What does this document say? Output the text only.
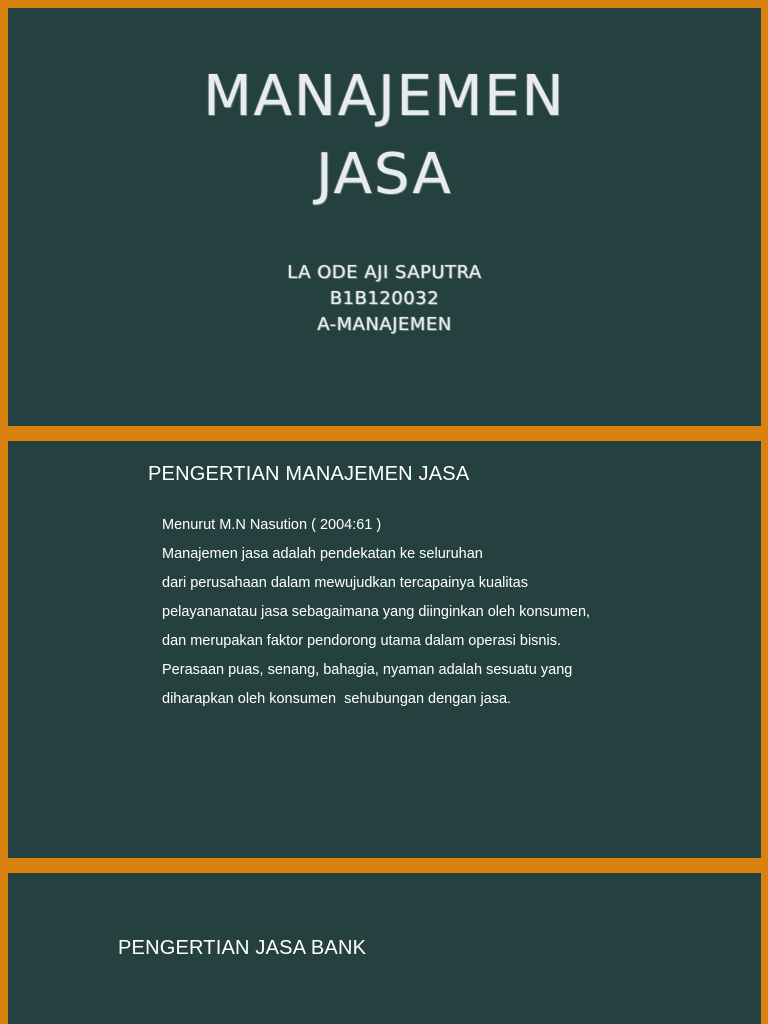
MANAJEMEN
JASA
LA ODE AJI SAPUTRA
B1B120032
A-MANAJEMEN
PENGERTIAN MANAJEMEN JASA
Menurut M.N Nasution ( 2004:61 )
Manajemen jasa adalah pendekatan ke seluruhan
dari perusahaan dalam mewujudkan tercapainya kualitas
pelayananatau jasa sebagaimana yang diinginkan oleh konsumen,
dan merupakan faktor pendorong utama dalam operasi bisnis.
Perasaan puas, senang, bahagia, nyaman adalah sesuatu yang
diharapkan oleh konsumen  sehubungan dengan jasa.
PENGERTIAN JASA BANK
